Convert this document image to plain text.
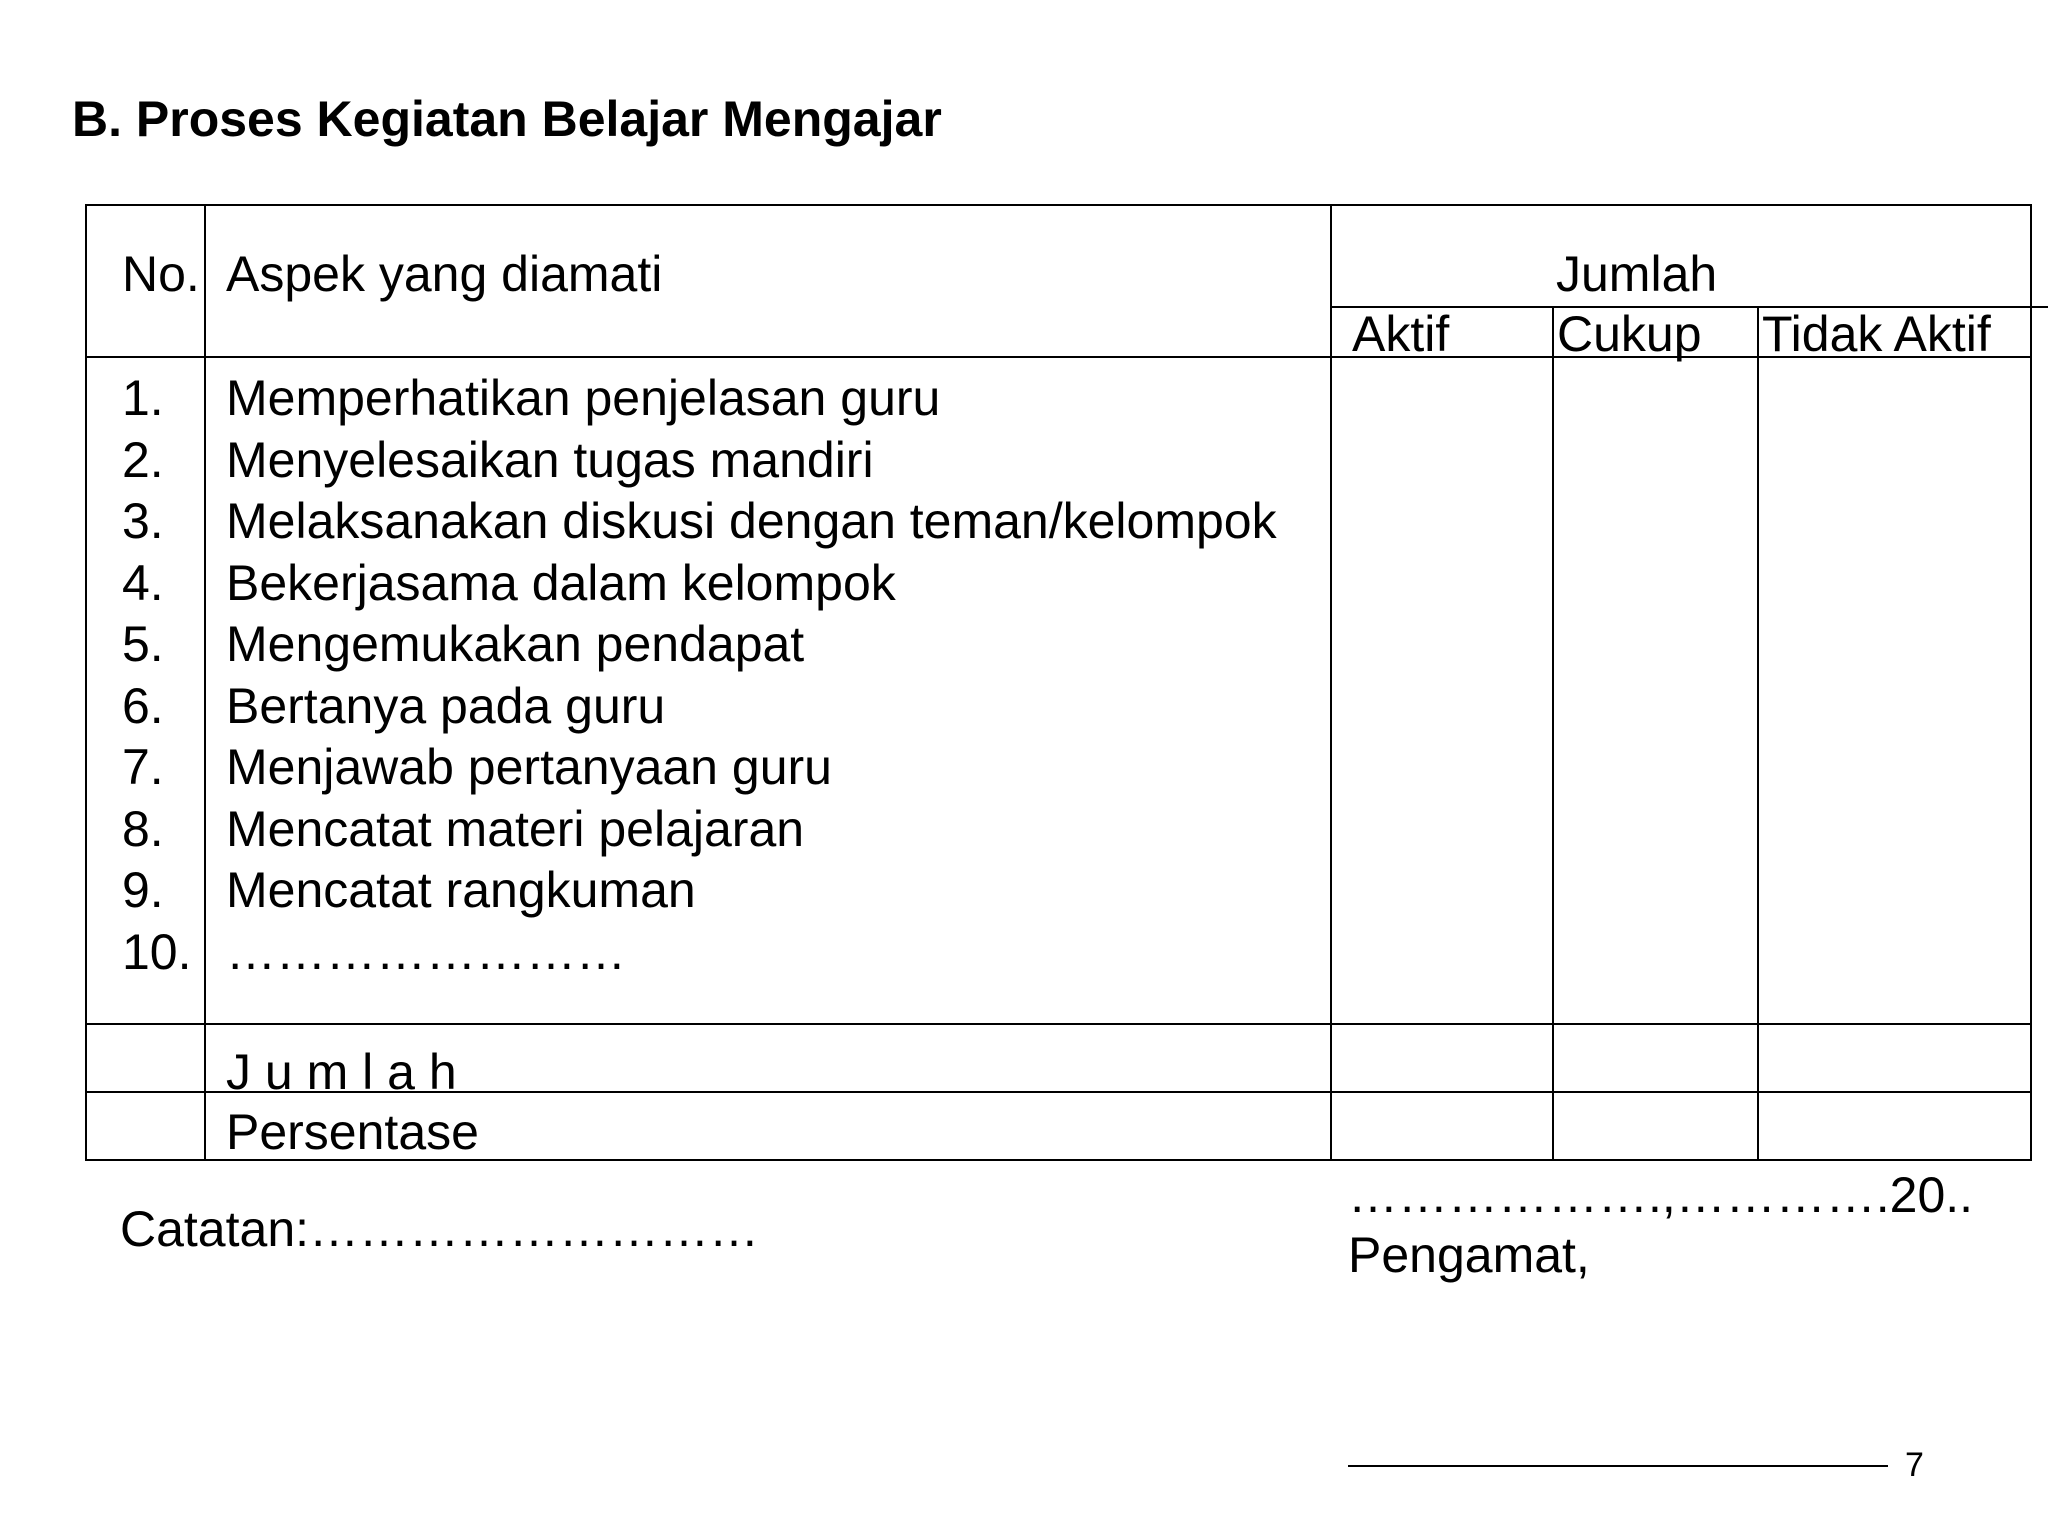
B. Proses Kegiatan Belajar Mengajar
No. Aspek yang diamati	Jumlah
Aktif Cukup Tidak Aktif
1.
2.
3.
4.
5.
6.
7.
8.
9.
10.
Memperhatikan penjelasan guru
Menyelesaikan tugas mandiri
Melaksanakan diskusi dengan teman/kelompok
Bekerjasama dalam kelompok
Mengemukakan pendapat
Bertanya pada guru
Menjawab pertanyaan guru
Mencatat materi pelajaran
Mencatat rangkuman
……………………
J u m l a h
Persentase
Catatan:………………………
……………….,………….20..
Pengamat,
7
